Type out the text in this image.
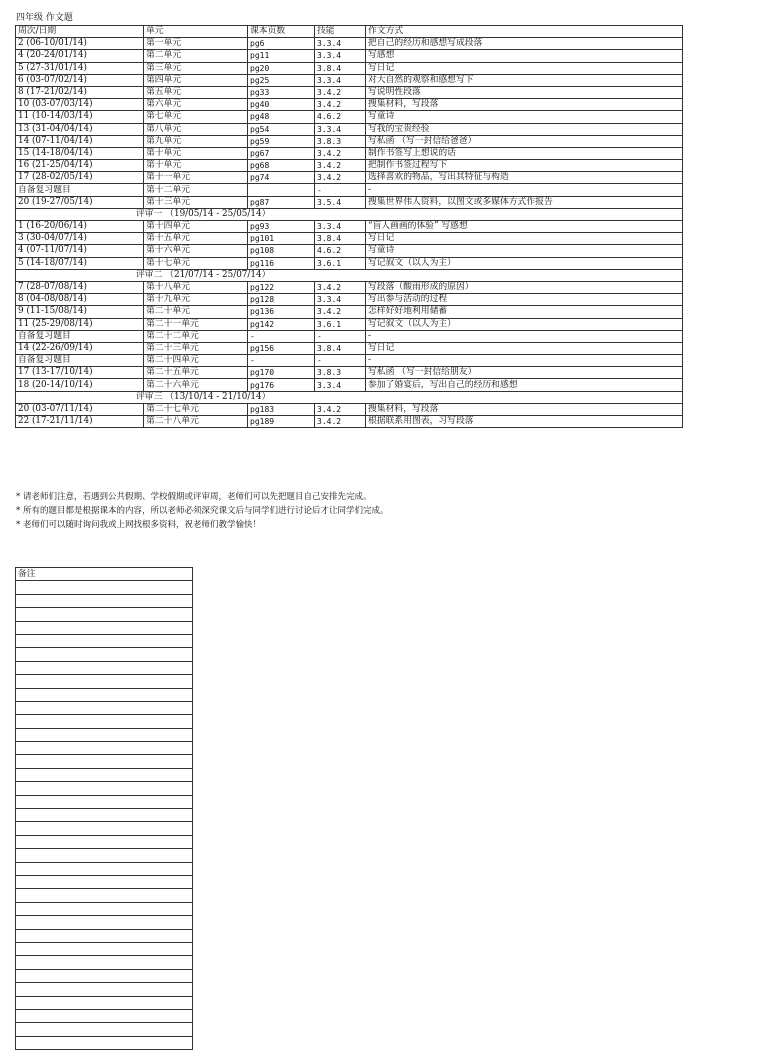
四年级 作文题
周次/日期	单元	课本页数	技能	作文方式
2 (06-10/01/14)	第一单元	pg6	3.3.4	把自己的经历和感想写成段落
4 (20-24/01/14)	第二单元	pg11	3.3.4	写感想
5 (27-31/01/14)	第三单元	pg20	3.8.4	写日记
6 (03-07/02/14)	第四单元	pg25	3.3.4	对大自然的观察和感想写下
8 (17-21/02/14)	第五单元	pg33	3.4.2	写说明性段落
10 (03-07/03/14)	第六单元	pg40	3.4.2	搜集材料，写段落
11 (10-14/03/14)	第七单元	pg48	4.6.2	写童诗
13 (31-04/04/14)	第八单元	pg54	3.3.4	写我的宝贵经验
14 (07-11/04/14)	第九单元	pg59	3.8.3	写私函 （写一封信给爸爸）
15 (14-18/04/14)	第十单元	pg67	3.4.2	制作书签写上想说的话
16 (21-25/04/14)	第十单元	pg68	3.4.2	把制作书签过程写下
17 (28-02/05/14)	第十一单元	pg74	3.4.2	选择喜欢的物品，写出其特征与构造
自备复习题目	第十二单元		-	-
20 (19-27/05/14)	第十三单元	pg87	3.5.4	搜集世界伟人资料，以图文或多媒体方式作报告
评审一 （19/05/14 - 25/05/14）				
1 (16-20/06/14)	第十四单元	pg93	3.3.4	“盲人画画的体验” 写感想
3 (30-04/07/14)	第十五单元	pg101	3.8.4	写日记
4 (07-11/07/14)	第十六单元	pg108	4.6.2	写童诗
5 (14-18/07/14)	第十七单元	pg116	3.6.1	写记叙文（以人为主）
评审二 （21/07/14 - 25/07/14）				
7 (28-07/08/14)	第十八单元	pg122	3.4.2	写段落（酸雨形成的原因）
8 (04-08/08/14)	第十九单元	pg128	3.3.4	写出参与活动的过程
9 (11-15/08/14)	第二十单元	pg136	3.4.2	怎样好好地利用储蓄
11 (25-29/08/14)	第二十一单元	pg142	3.6.1	写记叙文（以人为主）
自备复习题目	第二十二单元	-	-	-
14 (22-26/09/14)	第二十三单元	pg156	3.8.4	写日记
自备复习题目	第二十四单元	-	-	-
17 (13-17/10/14)	第二十五单元	pg170	3.8.3	写私函 （写一封信给朋友）
18 (20-14/10/14)	第二十六单元	pg176	3.3.4	参加了婚宴后，写出自己的经历和感想
评审三 （13/10/14 - 21/10/14）				
20 (03-07/11/14)	第二十七单元	pg183	3.4.2	搜集材料，写段落
22 (17-21/11/14)	第二十八单元	pg189	3.4.2	根据联系用图表，习写段落
* 请老师们注意，若遇到公共假期、学校假期或评审周，老师们可以先把题目自己安排先完成。
* 所有的题目都是根据课本的内容，所以老师必须深究课文后与同学们进行讨论后才让同学们完成。
* 老师们可以随时询问我或上网找根多资料，祝老师们教学愉快！
备注
